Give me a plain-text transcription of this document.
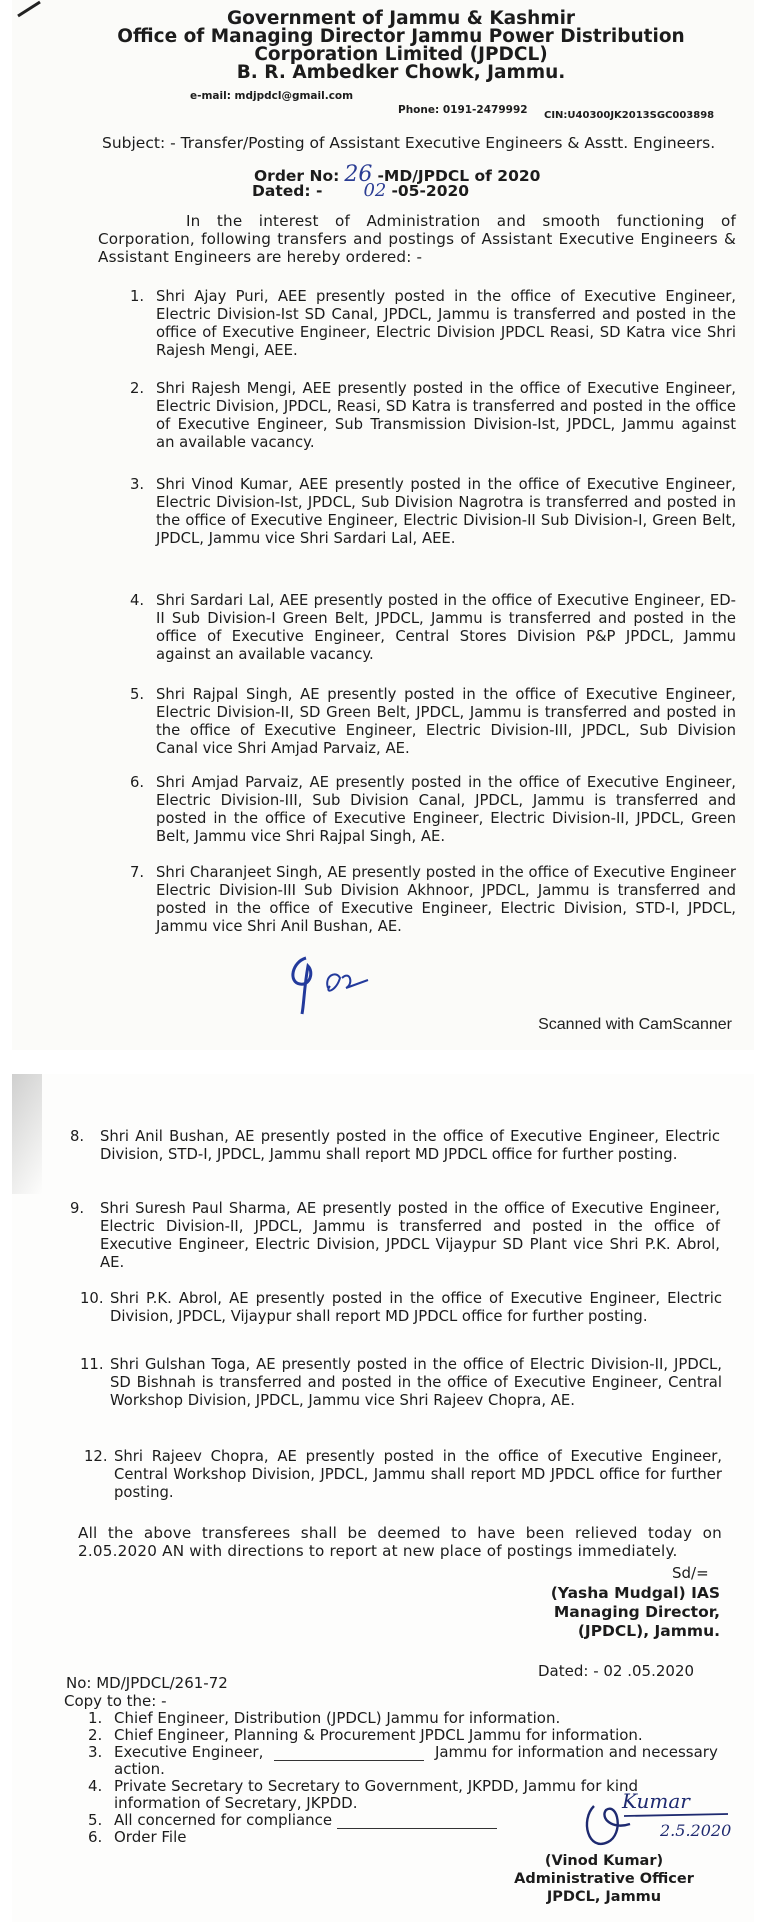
Government of Jammu & Kashmir
Office of Managing Director Jammu Power Distribution
Corporation Limited (JPDCL)
B. R. Ambedker Chowk, Jammu.
e-mail: mdjpdcl@gmail.com
Phone: 0191-2479992 CIN:U40300JK2013SGC003898
Subject: - Transfer/Posting of Assistant Executive Engineers & Asstt. Engineers.
Order No: 26 -MD/JPDCL of 2020
Dated: - 02 -05-2020
In the interest of Administration and smooth functioning of Corporation, following transfers and postings of Assistant Executive Engineers & Assistant Engineers are hereby ordered: -
1. Shri Ajay Puri, AEE presently posted in the office of Executive Engineer, Electric Division-Ist SD Canal, JPDCL, Jammu is transferred and posted in the office of Executive Engineer, Electric Division JPDCL Reasi, SD Katra vice Shri Rajesh Mengi, AEE.
2. Shri Rajesh Mengi, AEE presently posted in the office of Executive Engineer, Electric Division, JPDCL, Reasi, SD Katra is transferred and posted in the office of Executive Engineer, Sub Transmission Division-Ist, JPDCL, Jammu against an available vacancy.
3. Shri Vinod Kumar, AEE presently posted in the office of Executive Engineer, Electric Division-Ist, JPDCL, Sub Division Nagrotra is transferred and posted in the office of Executive Engineer, Electric Division-II Sub Division-I, Green Belt, JPDCL, Jammu vice Shri Sardari Lal, AEE.
4. Shri Sardari Lal, AEE presently posted in the office of Executive Engineer, ED-II Sub Division-I Green Belt, JPDCL, Jammu is transferred and posted in the office of Executive Engineer, Central Stores Division P&P JPDCL, Jammu against an available vacancy.
5. Shri Rajpal Singh, AE presently posted in the office of Executive Engineer, Electric Division-II, SD Green Belt, JPDCL, Jammu is transferred and posted in the office of Executive Engineer, Electric Division-III, JPDCL, Sub Division Canal vice Shri Amjad Parvaiz, AE.
6. Shri Amjad Parvaiz, AE presently posted in the office of Executive Engineer, Electric Division-III, Sub Division Canal, JPDCL, Jammu is transferred and posted in the office of Executive Engineer, Electric Division-II, JPDCL, Green Belt, Jammu vice Shri Rajpal Singh, AE.
7. Shri Charanjeet Singh, AE presently posted in the office of Executive Engineer Electric Division-III Sub Division Akhnoor, JPDCL, Jammu is transferred and posted in the office of Executive Engineer, Electric Division, STD-I, JPDCL, Jammu vice Shri Anil Bushan, AE.
Scanned with CamScanner
8. Shri Anil Bushan, AE presently posted in the office of Executive Engineer, Electric Division, STD-I, JPDCL, Jammu shall report MD JPDCL office for further posting.
9. Shri Suresh Paul Sharma, AE presently posted in the office of Executive Engineer, Electric Division-II, JPDCL, Jammu is transferred and posted in the office of Executive Engineer, Electric Division, JPDCL Vijaypur SD Plant vice Shri P.K. Abrol, AE.
10. Shri P.K. Abrol, AE presently posted in the office of Executive Engineer, Electric Division, JPDCL, Vijaypur shall report MD JPDCL office for further posting.
11. Shri Gulshan Toga, AE presently posted in the office of Electric Division-II, JPDCL, SD Bishnah is transferred and posted in the office of Executive Engineer, Central Workshop Division, JPDCL, Jammu vice Shri Rajeev Chopra, AE.
12. Shri Rajeev Chopra, AE presently posted in the office of Executive Engineer, Central Workshop Division, JPDCL, Jammu shall report MD JPDCL office for further posting.
All the above transferees shall be deemed to have been relieved today on 2.05.2020 AN with directions to report at new place of postings immediately.
Sd/=
(Yasha Mudgal) IAS
Managing Director,
(JPDCL), Jammu.
Dated: - 02 .05.2020
No: MD/JPDCL/261-72
Copy to the: -
1. Chief Engineer, Distribution (JPDCL) Jammu for information.
2. Chief Engineer, Planning & Procurement JPDCL Jammu for information.
3. Executive Engineer,	Jammu for information and necessary action.
4. Private Secretary to Secretary to Government, JKPDD, Jammu for kind information of Secretary, JKPDD.
5. All concerned for compliance
6. Order File
Kumar
2.5.2020
(Vinod Kumar)
Administrative Officer
JPDCL, Jammu
